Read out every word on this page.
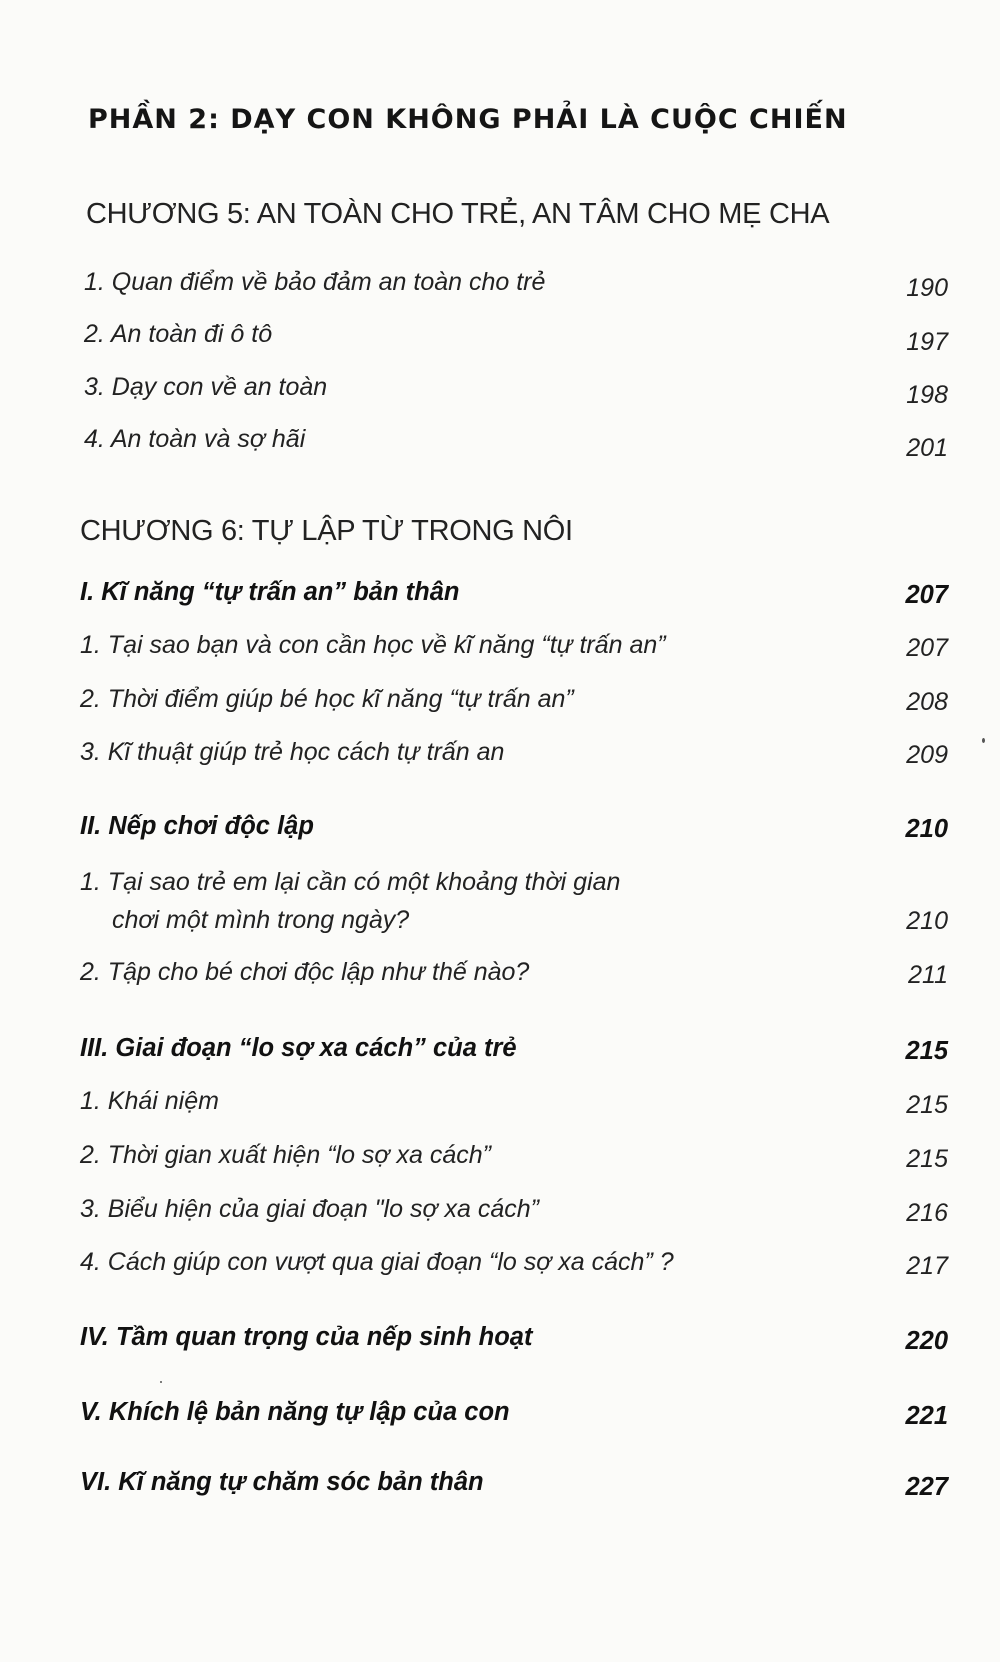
PHẦN 2: DẠY CON KHÔNG PHẢI LÀ CUỘC CHIẾN
CHƯƠNG 5: AN TOÀN CHO TRẺ, AN TÂM CHO MẸ CHA
1. Quan điểm về bảo đảm an toàn cho trẻ	190
2. An toàn đi ô tô	197
3. Dạy con về an toàn	198
4. An toàn và sợ hãi	201
CHƯƠNG 6: TỰ LẬP TỪ TRONG NÔI
I. Kĩ năng “tự trấn an” bản thân	207
1. Tại sao bạn và con cần học về kĩ năng “tự trấn an”	207
2. Thời điểm giúp bé học kĩ năng “tự trấn an”	208
3. Kĩ thuật giúp trẻ học cách tự trấn an	209
II. Nếp chơi độc lập	210
1. Tại sao trẻ em lại cần có một khoảng thời gian
chơi một mình trong ngày?	210
2. Tập cho bé chơi độc lập như thế nào?	211
III. Giai đoạn “lo sợ xa cách” của trẻ	215
1. Khái niệm	215
2. Thời gian xuất hiện “lo sợ xa cách”	215
3. Biểu hiện của giai đoạn "lo sợ xa cách”	216
4. Cách giúp con vượt qua giai đoạn “lo sợ xa cách” ?	217
IV. Tầm quan trọng của nếp sinh hoạt	220
V. Khích lệ bản năng tự lập của con	221
VI. Kĩ năng tự chăm sóc bản thân	227
